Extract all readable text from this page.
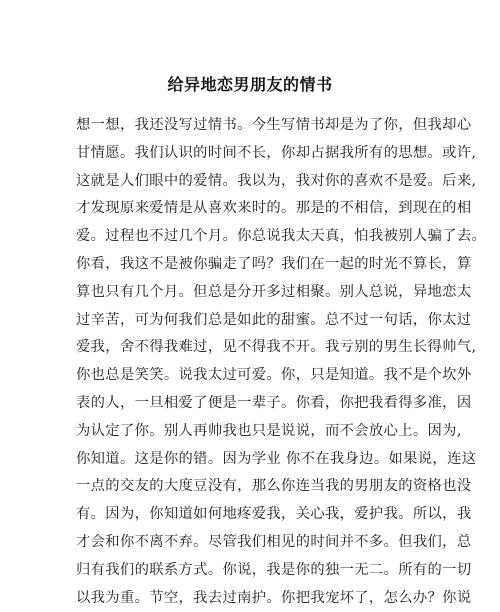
给异地恋男朋友的情书
想一想，我还没写过情书。今生写情书却是为了你，但我却心
甘情愿。我们认识的时间不长，你却占据我所有的思想。或许,
这就是人们眼中的爱情。我以为，我对你的喜欢不是爱。后来,
才发现原来爱情是从喜欢来时的。那是的不相信，到现在的相
爱。过程也不过几个月。你总说我太天真，怕我被别人骗了去。
你看，我这不是被你骗走了吗？我们在一起的时光不算长，算
算也只有几个月。但总是分开多过相聚。别人总说，异地恋太
过辛苦，可为何我们总是如此的甜蜜。总不过一句话，你太过
爱我，舍不得我难过，见不得我不开。我亏别的男生长得帅气,
你也总是笑笑。说我太过可爱。你，只是知道。我不是个坎外
表的人，一旦相爱了便是一辈子。你看，你把我看得多准，因
为认定了你。别人再帅我也只是说说，而不会放心上。因为,
你知道。这是你的错。因为学业 你不在我身边。如果说，连这
一点的交友的大度豆没有，那么你连当我的男朋友的资格也没
有。因为，你知道如何地疼爱我，关心我，爱护我。所以，我
才会和你不离不弃。尽管我们相见的时间并不多。但我们，总
归有我们的联系方式。你说，我是你的独一无二。所有的一切
以我为重。节空，我去过南护。你把我宠坏了，怎么办？你说
